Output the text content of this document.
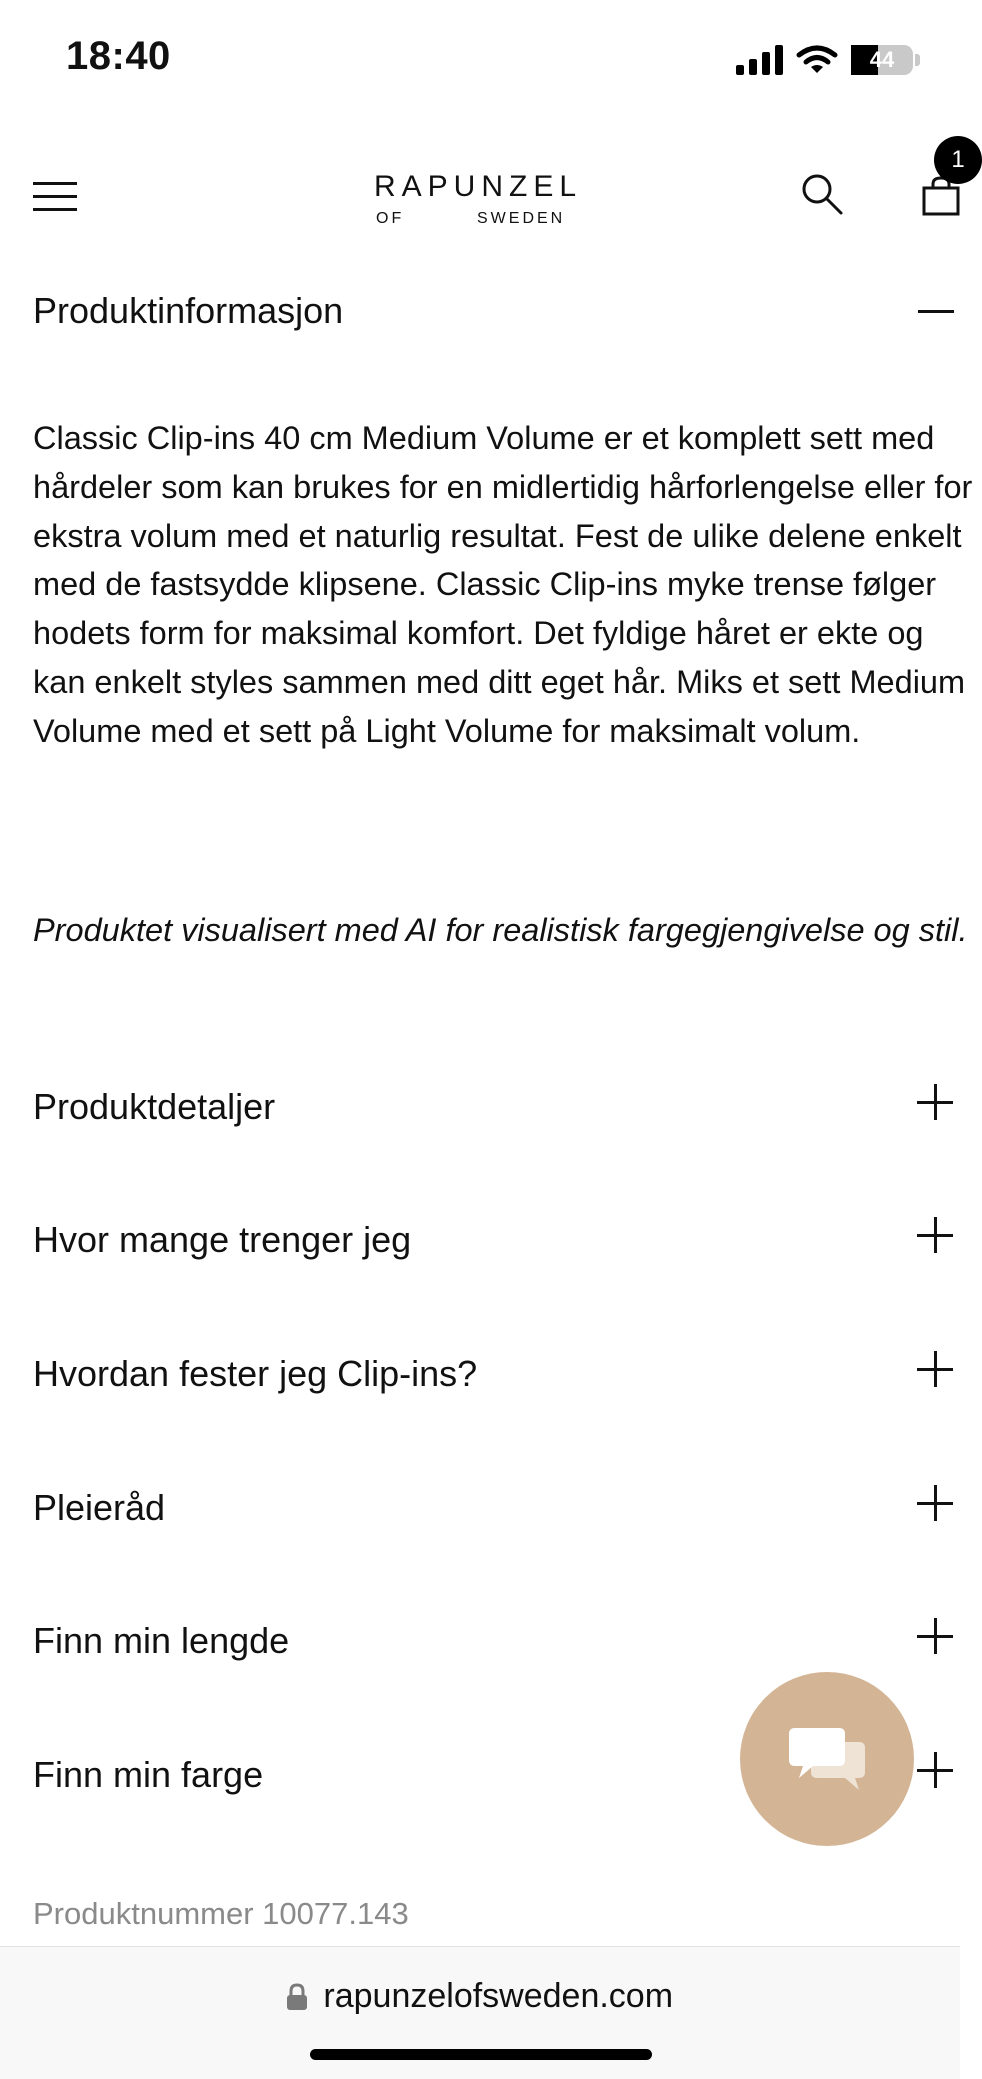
18:40	44
RAPUNZEL
OF	SWEDEN
1
Produktinformasjon

Classic Clip-ins 40 cm Medium Volume er et komplett sett med hårdeler som kan brukes for en midlertidig hårforlengelse eller for ekstra volum med et naturlig resultat. Fest de ulike delene enkelt med de fastsydde klipsene. Classic Clip-ins myke trense følger hodets form for maksimal komfort. Det fyldige håret er ekte og kan enkelt styles sammen med ditt eget hår. Miks et sett Medium Volume med et sett på Light Volume for maksimalt volum.

Produktet visualisert med AI for realistisk fargegjengivelse og stil.

Produktdetaljer
Hvor mange trenger jeg
Hvordan fester jeg Clip-ins?
Pleieråd
Finn min lengde
Finn min farge
Produktnummer 10077.143
rapunzelofsweden.com
